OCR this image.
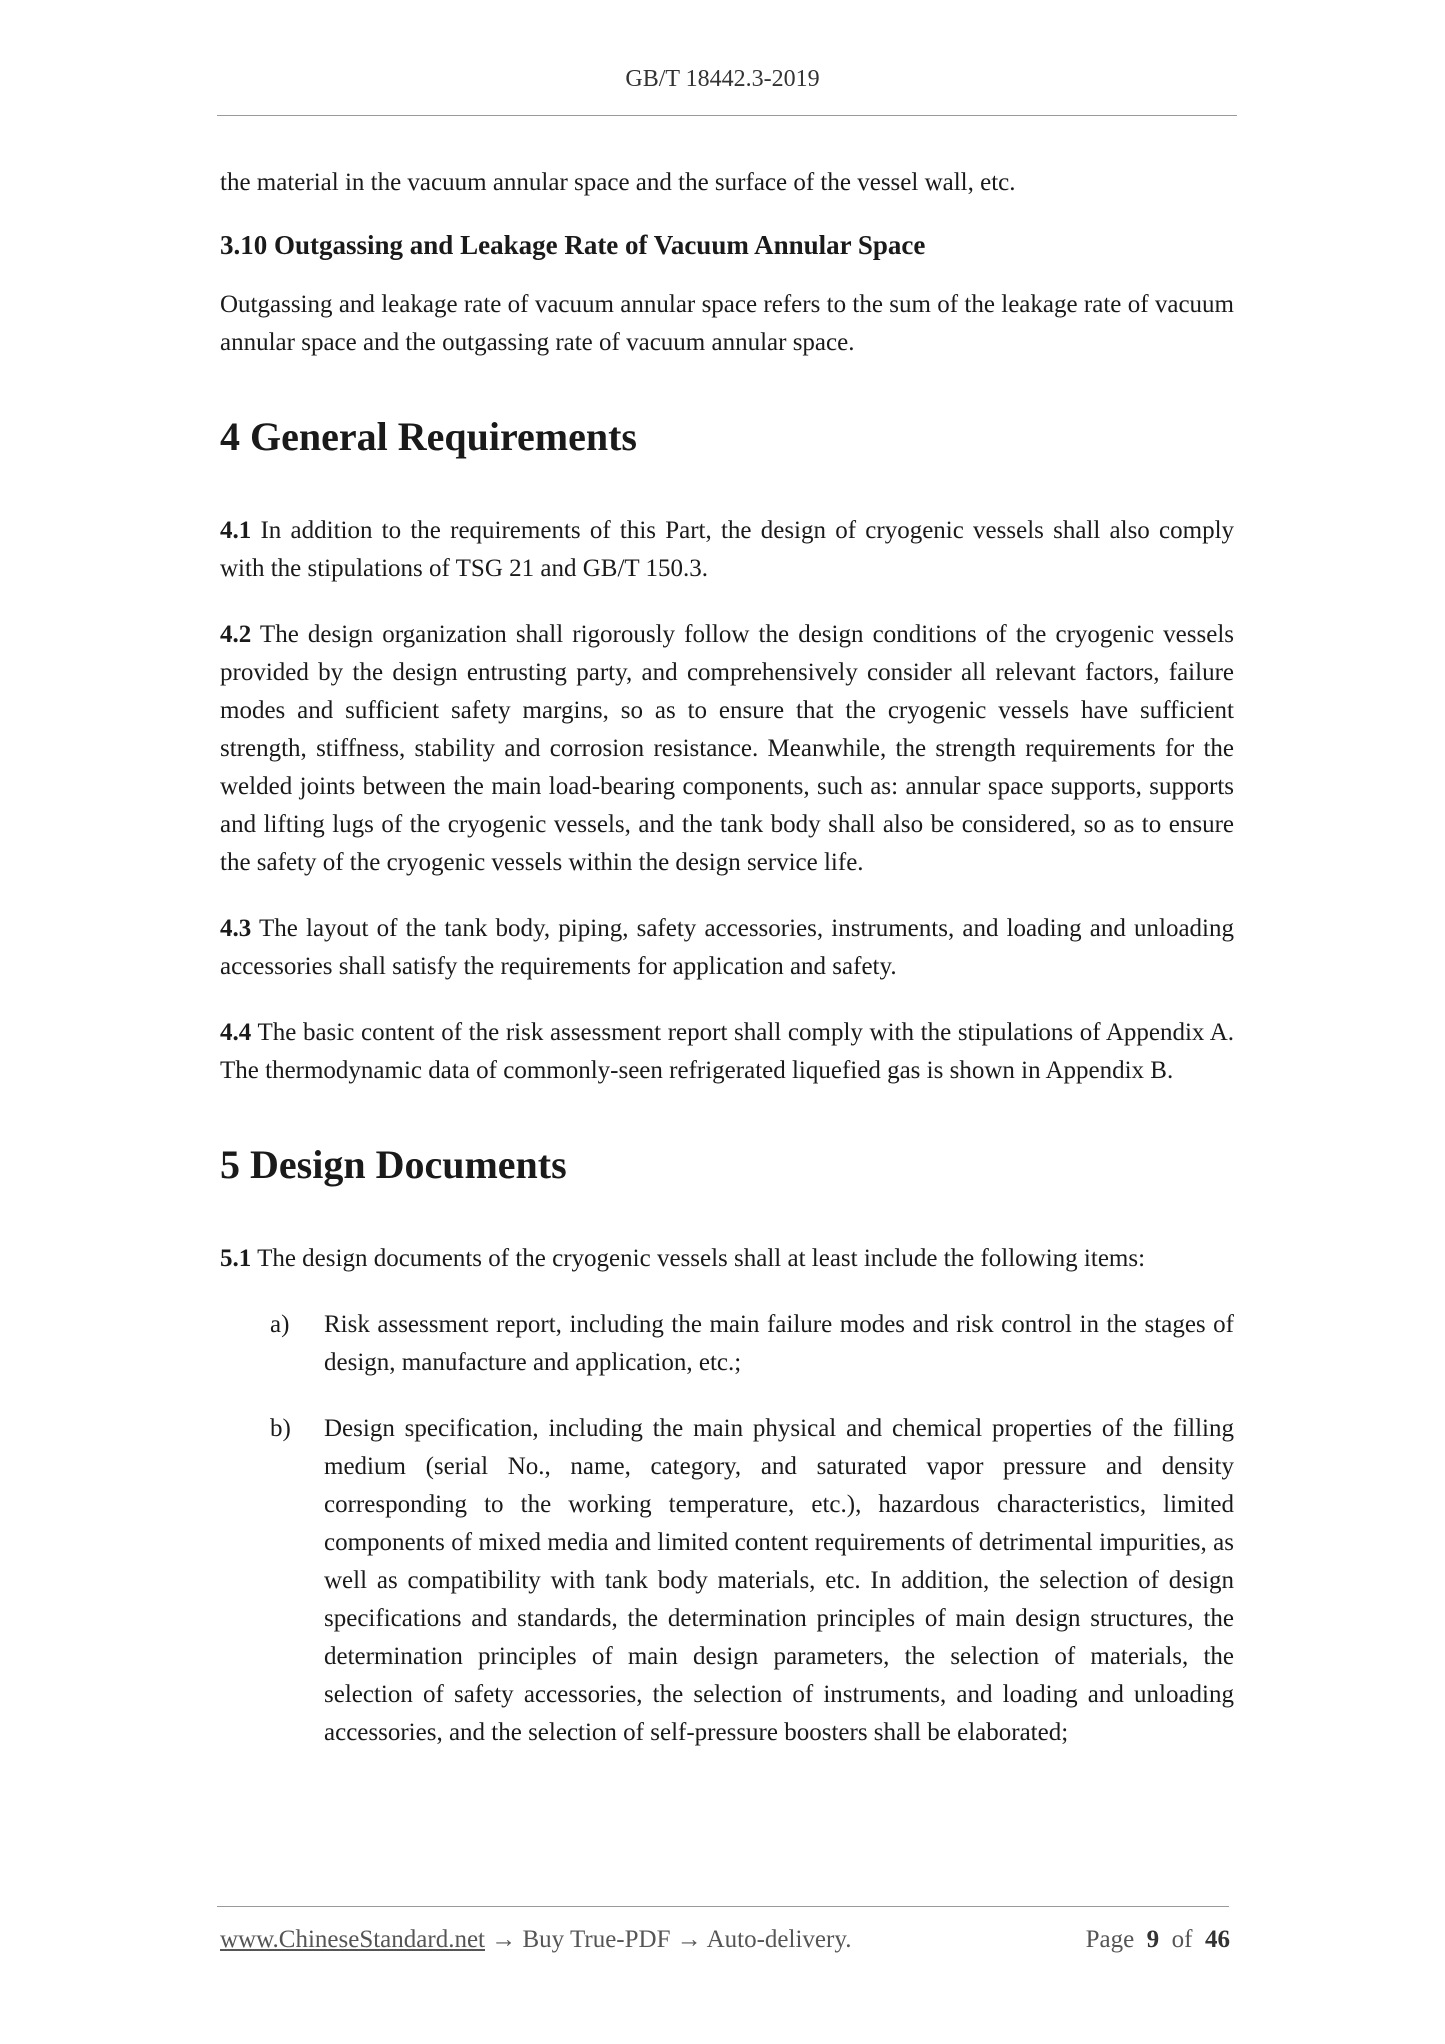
GB/T 18442.3-2019

the material in the vacuum annular space and the surface of the vessel wall, etc.

3.10 Outgassing and Leakage Rate of Vacuum Annular Space

Outgassing and leakage rate of vacuum annular space refers to the sum of the leakage rate of vacuum annular space and the outgassing rate of vacuum annular space.

4 General Requirements

4.1 In addition to the requirements of this Part, the design of cryogenic vessels shall also comply with the stipulations of TSG 21 and GB/T 150.3.

4.2 The design organization shall rigorously follow the design conditions of the cryogenic vessels provided by the design entrusting party, and comprehensively consider all relevant factors, failure modes and sufficient safety margins, so as to ensure that the cryogenic vessels have sufficient strength, stiffness, stability and corrosion resistance. Meanwhile, the strength requirements for the welded joints between the main load-bearing components, such as: annular space supports, supports and lifting lugs of the cryogenic vessels, and the tank body shall also be considered, so as to ensure the safety of the cryogenic vessels within the design service life.

4.3 The layout of the tank body, piping, safety accessories, instruments, and loading and unloading accessories shall satisfy the requirements for application and safety.

4.4 The basic content of the risk assessment report shall comply with the stipulations of Appendix A. The thermodynamic data of commonly-seen refrigerated liquefied gas is shown in Appendix B.

5 Design Documents

5.1 The design documents of the cryogenic vessels shall at least include the following items:

a)	Risk assessment report, including the main failure modes and risk control in the stages of design, manufacture and application, etc.;
b)	Design specification, including the main physical and chemical properties of the filling medium (serial No., name, category, and saturated vapor pressure and density corresponding to the working temperature, etc.), hazardous characteristics, limited components of mixed media and limited content requirements of detrimental impurities, as well as compatibility with tank body materials, etc. In addition, the selection of design specifications and standards, the determination principles of main design structures, the determination principles of main design parameters, the selection of materials, the selection of safety accessories, the selection of instruments, and loading and unloading accessories, and the selection of self-pressure boosters shall be elaborated;
www.ChineseStandard.net → Buy True-PDF → Auto-delivery.	Page 9 of 46
